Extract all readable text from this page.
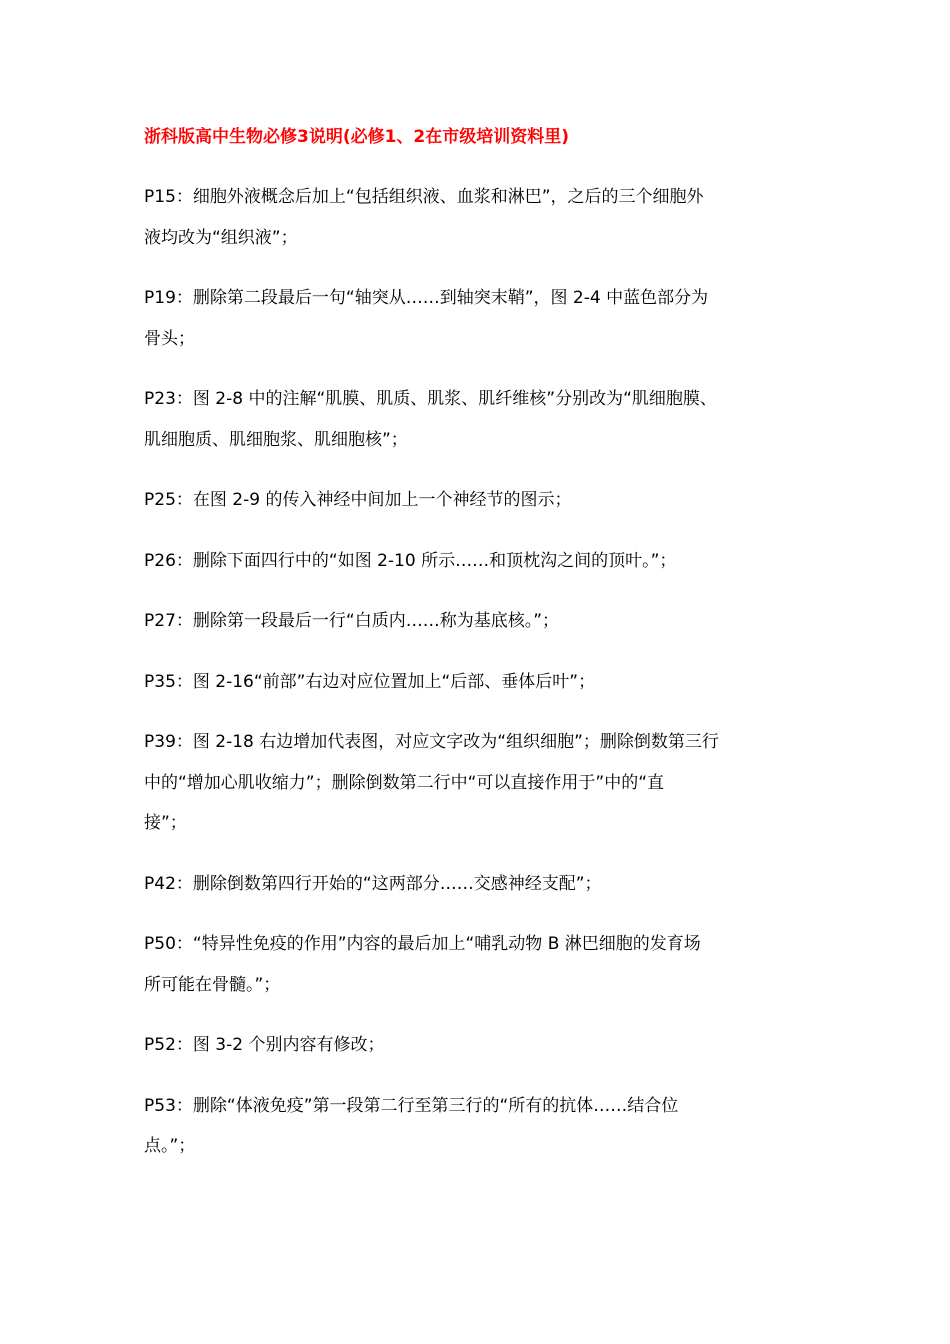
浙科版高中生物必修3说明(必修1、2在市级培训资料里)

P15：细胞外液概念后加上“包括组织液、血浆和淋巴”，之后的三个细胞外
液均改为“组织液”；

P19：删除第二段最后一句“轴突从……到轴突末鞘”，图 2-4 中蓝色部分为
骨头；

P23：图 2-8 中的注解“肌膜、肌质、肌浆、肌纤维核”分别改为“肌细胞膜、
肌细胞质、肌细胞浆、肌细胞核”；

P25：在图 2-9 的传入神经中间加上一个神经节的图示；

P26：删除下面四行中的“如图 2-10 所示……和顶枕沟之间的顶叶。”；

P27：删除第一段最后一行“白质内……称为基底核。”；

P35：图 2-16“前部”右边对应位置加上“后部、垂体后叶”；

P39：图 2-18 右边增加代表图，对应文字改为“组织细胞”；删除倒数第三行
中的“增加心肌收缩力”；删除倒数第二行中“可以直接作用于”中的“直
接”；

P42：删除倒数第四行开始的“这两部分……交感神经支配”；

P50：“特异性免疫的作用”内容的最后加上“哺乳动物 B 淋巴细胞的发育场
所可能在骨髓。”；

P52：图 3-2 个别内容有修改；

P53：删除“体液免疫”第一段第二行至第三行的“所有的抗体……结合位
点。”；
